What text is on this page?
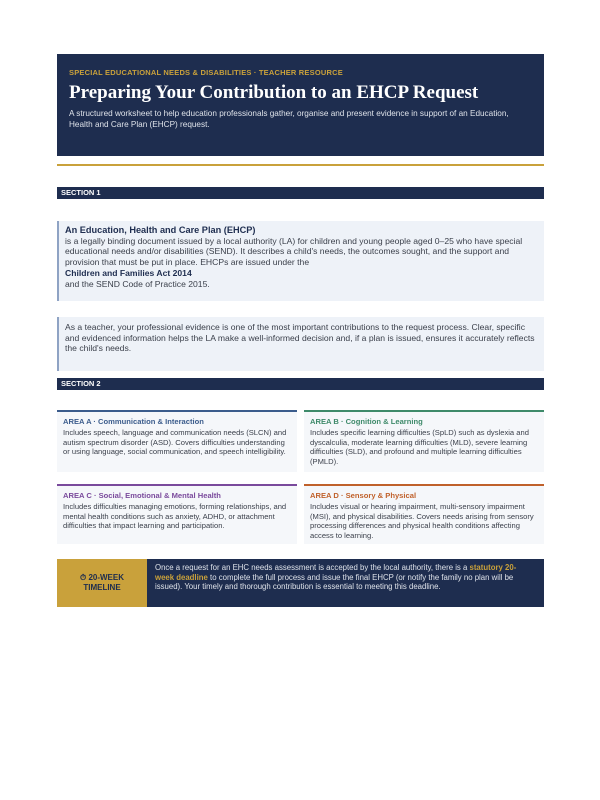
SPECIAL EDUCATIONAL NEEDS & DISABILITIES · TEACHER RESOURCE
Preparing Your Contribution to an EHCP Request
A structured worksheet to help education professionals gather, organise and present evidence in support of an Education, Health and Care Plan (EHCP) request.
SECTION 1
An Education, Health and Care Plan (EHCP)
is a legally binding document issued by a local authority (LA) for children and young people aged 0–25 who have special educational needs and/or disabilities (SEND). It describes a child's needs, the outcomes sought, and the support and provision that must be put in place. EHCPs are issued under the
Children and Families Act 2014
and the SEND Code of Practice 2015.
As a teacher, your professional evidence is one of the most important contributions to the request process. Clear, specific and evidenced information helps the LA make a well-informed decision and, if a plan is issued, ensures it accurately reflects the child's needs.
SECTION 2
AREA A · Communication & Interaction
Includes speech, language and communication needs (SLCN) and autism spectrum disorder (ASD). Covers difficulties understanding or using language, social communication, and speech intelligibility.
AREA B · Cognition & Learning
Includes specific learning difficulties (SpLD) such as dyslexia and dyscalculia, moderate learning difficulties (MLD), severe learning difficulties (SLD), and profound and multiple learning difficulties (PMLD).
AREA C · Social, Emotional & Mental Health
Includes difficulties managing emotions, forming relationships, and mental health conditions such as anxiety, ADHD, or attachment difficulties that impact learning and participation.
AREA D · Sensory & Physical
Includes visual or hearing impairment, multi-sensory impairment (MSI), and physical disabilities. Covers needs arising from sensory processing differences and physical health conditions affecting access to learning.
⏱ 20-WEEK
TIMELINE
Once a request for an EHC needs assessment is accepted by the local authority, there is a statutory 20-week deadline to complete the full process and issue the final EHCP (or notify the family no plan will be issued). Your timely and thorough contribution is essential to meeting this deadline.
